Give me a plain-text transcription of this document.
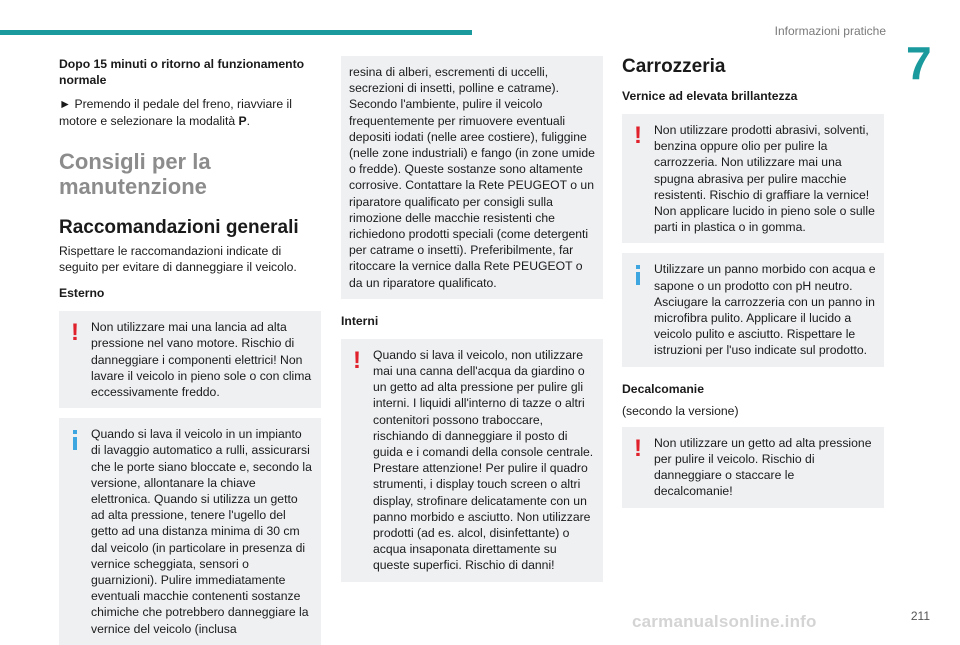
Informazioni pratiche
7

Dopo 15 minuti o ritorno al funzionamento normale

► Premendo il pedale del freno, riavviare il motore e selezionare la modalità P.

Consigli per la manutenzione
Raccomandazioni generali

Rispettare le raccomandazioni indicate di seguito per evitare di danneggiare il veicolo.

Esterno

! Non utilizzare mai una lancia ad alta pressione nel vano motore. Rischio di danneggiare i componenti elettrici! Non lavare il veicolo in pieno sole o con clima eccessivamente freddo.

Quando si lava il veicolo in un impianto di lavaggio automatico a rulli, assicurarsi che le porte siano bloccate e, secondo la versione, allontanare la chiave elettronica. Quando si utilizza un getto ad alta pressione, tenere l'ugello del getto ad una distanza minima di 30 cm dal veicolo (in particolare in presenza di vernice scheggiata, sensori o guarnizioni). Pulire immediatamente eventuali macchie contenenti sostanze chimiche che potrebbero danneggiare la vernice del veicolo (inclusa

resina di alberi, escrementi di uccelli, secrezioni di insetti, polline e catrame). Secondo l'ambiente, pulire il veicolo frequentemente per rimuovere eventuali depositi iodati (nelle aree costiere), fuliggine (nelle zone industriali) e fango (in zone umide o fredde). Queste sostanze sono altamente corrosive. Contattare la Rete PEUGEOT o un riparatore qualificato per consigli sulla rimozione delle macchie resistenti che richiedono prodotti speciali (come detergenti per catrame o insetti). Preferibilmente, far ritoccare la vernice dalla Rete PEUGEOT o da un riparatore qualificato.

Interni

! Quando si lava il veicolo, non utilizzare mai una canna dell'acqua da giardino o un getto ad alta pressione per pulire gli interni. I liquidi all'interno di tazze o altri contenitori possono traboccare, rischiando di danneggiare il posto di guida e i comandi della console centrale. Prestare attenzione! Per pulire il quadro strumenti, i display touch screen o altri display, strofinare delicatamente con un panno morbido e asciutto. Non utilizzare prodotti (ad es. alcol, disinfettante) o acqua insaponata direttamente su queste superfici. Rischio di danni!

Carrozzeria

Vernice ad elevata brillantezza

! Non utilizzare prodotti abrasivi, solventi, benzina oppure olio per pulire la carrozzeria. Non utilizzare mai una spugna abrasiva per pulire macchie resistenti. Rischio di graffiare la vernice! Non applicare lucido in pieno sole o sulle parti in plastica o in gomma.

Utilizzare un panno morbido con acqua e sapone o un prodotto con pH neutro. Asciugare la carrozzeria con un panno in microfibra pulito. Applicare il lucido a veicolo pulito e asciutto. Rispettare le istruzioni per l'uso indicate sul prodotto.

Decalcomanie

(secondo la versione)

! Non utilizzare un getto ad alta pressione per pulire il veicolo. Rischio di danneggiare o staccare le decalcomanie!

211
carmanualsonline.info
